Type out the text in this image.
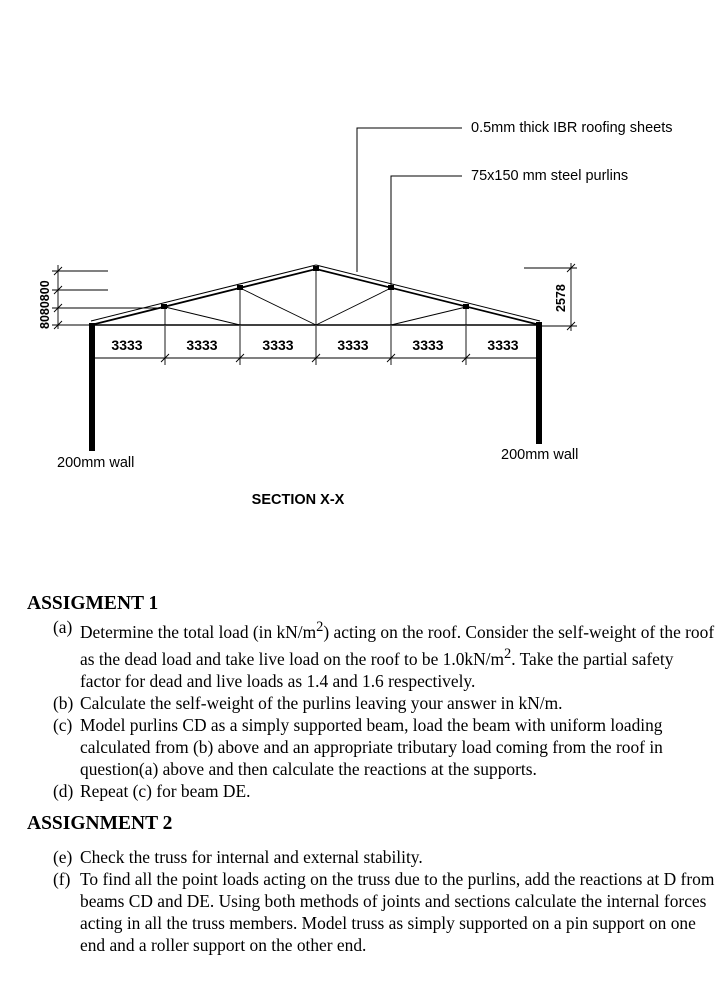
0.5mm thick IBR roofing sheets
75x150 mm steel purlins
8080800	2578
3333	3333	3333	3333	3333	3333
200mm wall	200mm wall
SECTION X-X
ASSIGMENT 1
(a) Determine the total load (in $kN/m^2$) acting on the roof. Consider the self-weight of the roof as the dead load and take live load on the roof to be $1.0kN/m^2$. Take the partial safety factor for dead and live loads as 1.4 and 1.6 respectively.
(b) Calculate the self-weight of the purlins leaving your answer in kN/m.
(c) Model purlins CD as a simply supported beam, load the beam with uniform loading calculated from (b) above and an appropriate tributary load coming from the roof in question(a) above and then calculate the reactions at the supports.
(d) Repeat (c) for beam DE.
ASSIGNMENT 2
(e) Check the truss for internal and external stability.
(f) To find all the point loads acting on the truss due to the purlins, add the reactions at D from beams CD and DE. Using both methods of joints and sections calculate the internal forces acting in all the truss members. Model truss as simply supported on a pin support on one end and a roller support on the other end.
